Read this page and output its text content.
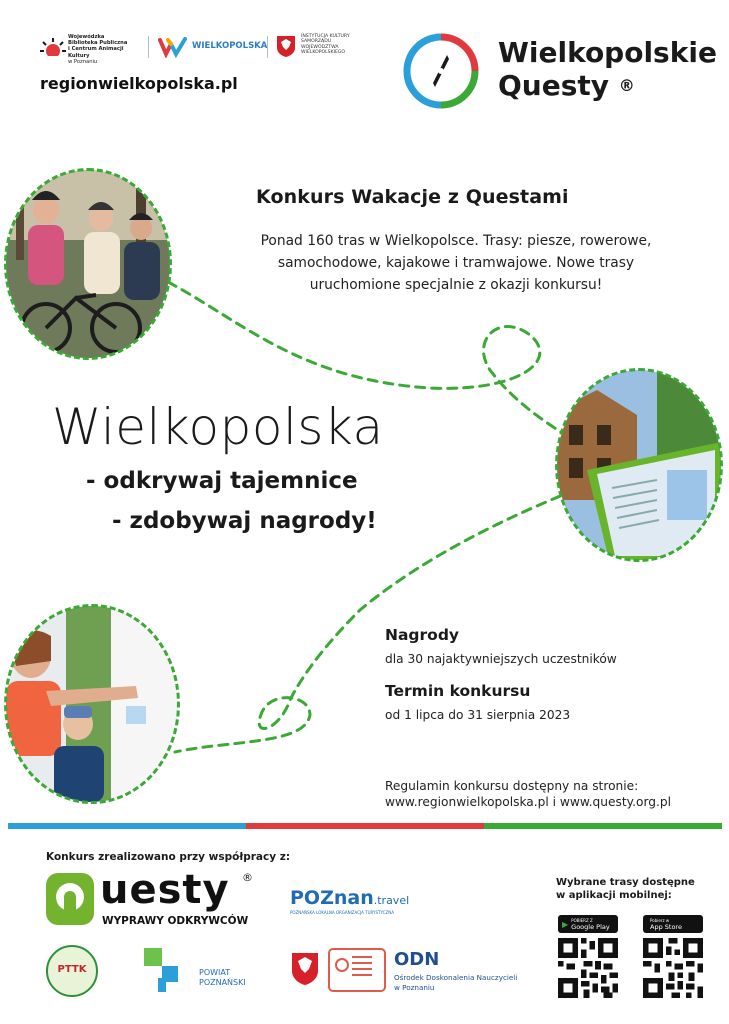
Wojewódzka
Biblioteka Publiczna
i Centrum Animacji Kultury
w Poznaniu
WIELKOPOLSKA
INSTYTUCJA KULTURY
SAMORZĄDU
WOJEWÓDZTWA
WIELKOPOLSKIEGO
regionwielkopolska.pl
Wielkopolskie
Questy ®
Konkurs Wakacje z Questami
Ponad 160 tras w Wielkopolsce. Trasy: piesze, rowerowe,
samochodowe, kajakowe i tramwajowe. Nowe trasy
uruchomione specjalnie z okazji konkursu!
Wielkopolska
- odkrywaj tajemnice
- zdobywaj nagrody!
Nagrody
dla 30 najaktywniejszych uczestników
Termin konkursu
od 1 lipca do 31 sierpnia 2023
Regulamin konkursu dostępny na stronie:
www.regionwielkopolska.pl i www.questy.org.pl
Konkurs zrealizowano przy współpracy z:
uesty ®
WYPRAWY ODKRYWCÓW
POZnan.travel
POZNAŃSKA LOKALNA ORGANIZACJA TURYSTYCZNA
PTTK	POWIAT
POZNAŃSKI
ODN
Ośrodek Doskonalenia Nauczycieli
w Poznaniu
Wybrane trasy dostępne
w aplikacji mobilnej:
▶ POBIERZ Z
Google Play
Pobierz w
App Store
